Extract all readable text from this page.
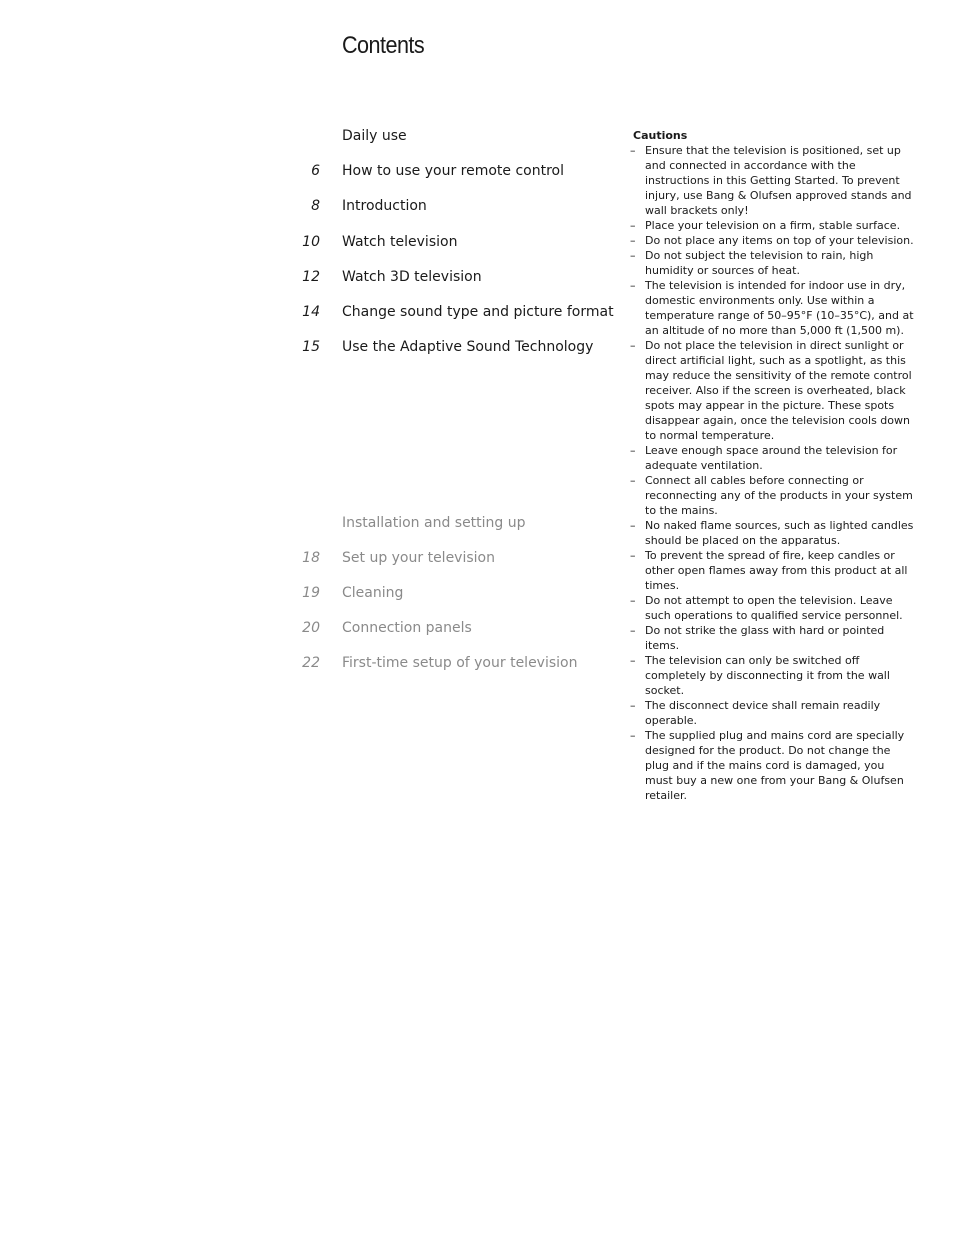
Contents
Daily use
6 How to use your remote control
8 Introduction
10 Watch television
12 Watch 3D television
14 Change sound type and picture format
15 Use the Adaptive Sound Technology
Installation and setting up
18 Set up your television
19 Cleaning
20 Connection panels
22 First-time setup of your television
Cautions
– Ensure that the television is positioned, set up and connected in accordance with the instructions in this Getting Started. To prevent injury, use Bang & Olufsen approved stands and wall brackets only!
– Place your television on a firm, stable surface.
– Do not place any items on top of your television.
– Do not subject the television to rain, high humidity or sources of heat.
– The television is intended for indoor use in dry, domestic environments only. Use within a temperature range of 50–95°F (10–35°C), and at an altitude of no more than 5,000 ft (1,500 m).
– Do not place the television in direct sunlight or direct artificial light, such as a spotlight, as this may reduce the sensitivity of the remote control receiver. Also if the screen is overheated, black spots may appear in the picture. These spots disappear again, once the television cools down to normal temperature.
– Leave enough space around the television for adequate ventilation.
– Connect all cables before connecting or reconnecting any of the products in your system to the mains.
– No naked flame sources, such as lighted candles should be placed on the apparatus.
– To prevent the spread of fire, keep candles or other open flames away from this product at all times.
– Do not attempt to open the television. Leave such operations to qualified service personnel.
– Do not strike the glass with hard or pointed items.
– The television can only be switched off completely by disconnecting it from the wall socket.
– The disconnect device shall remain readily operable.
– The supplied plug and mains cord are specially designed for the product. Do not change the plug and if the mains cord is damaged, you must buy a new one from your Bang & Olufsen retailer.
